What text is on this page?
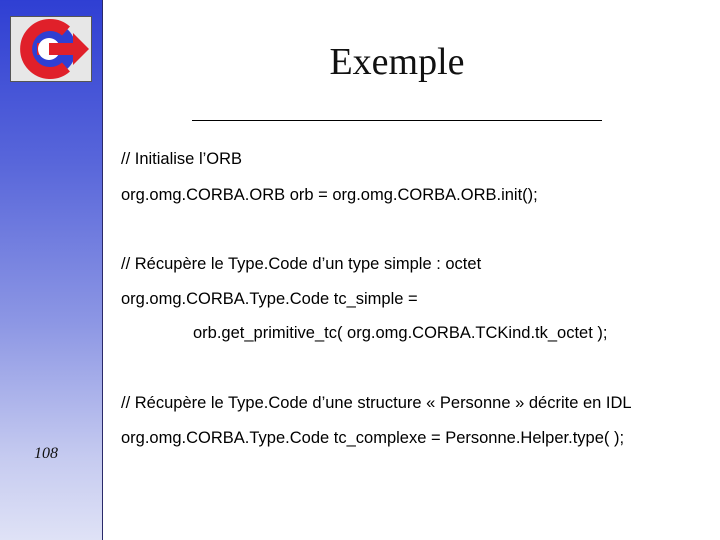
Exemple
// Initialise l’ORB
org.omg.CORBA.ORB orb = org.omg.CORBA.ORB.init();
// Récupère le Type.Code d’un type simple : octet
org.omg.CORBA.Type.Code tc_simple =
orb.get_primitive_tc( org.omg.CORBA.TCKind.tk_octet );
// Récupère le Type.Code d’une structure « Personne » décrite en IDL
org.omg.CORBA.Type.Code tc_complexe = Personne.Helper.type( );
108
